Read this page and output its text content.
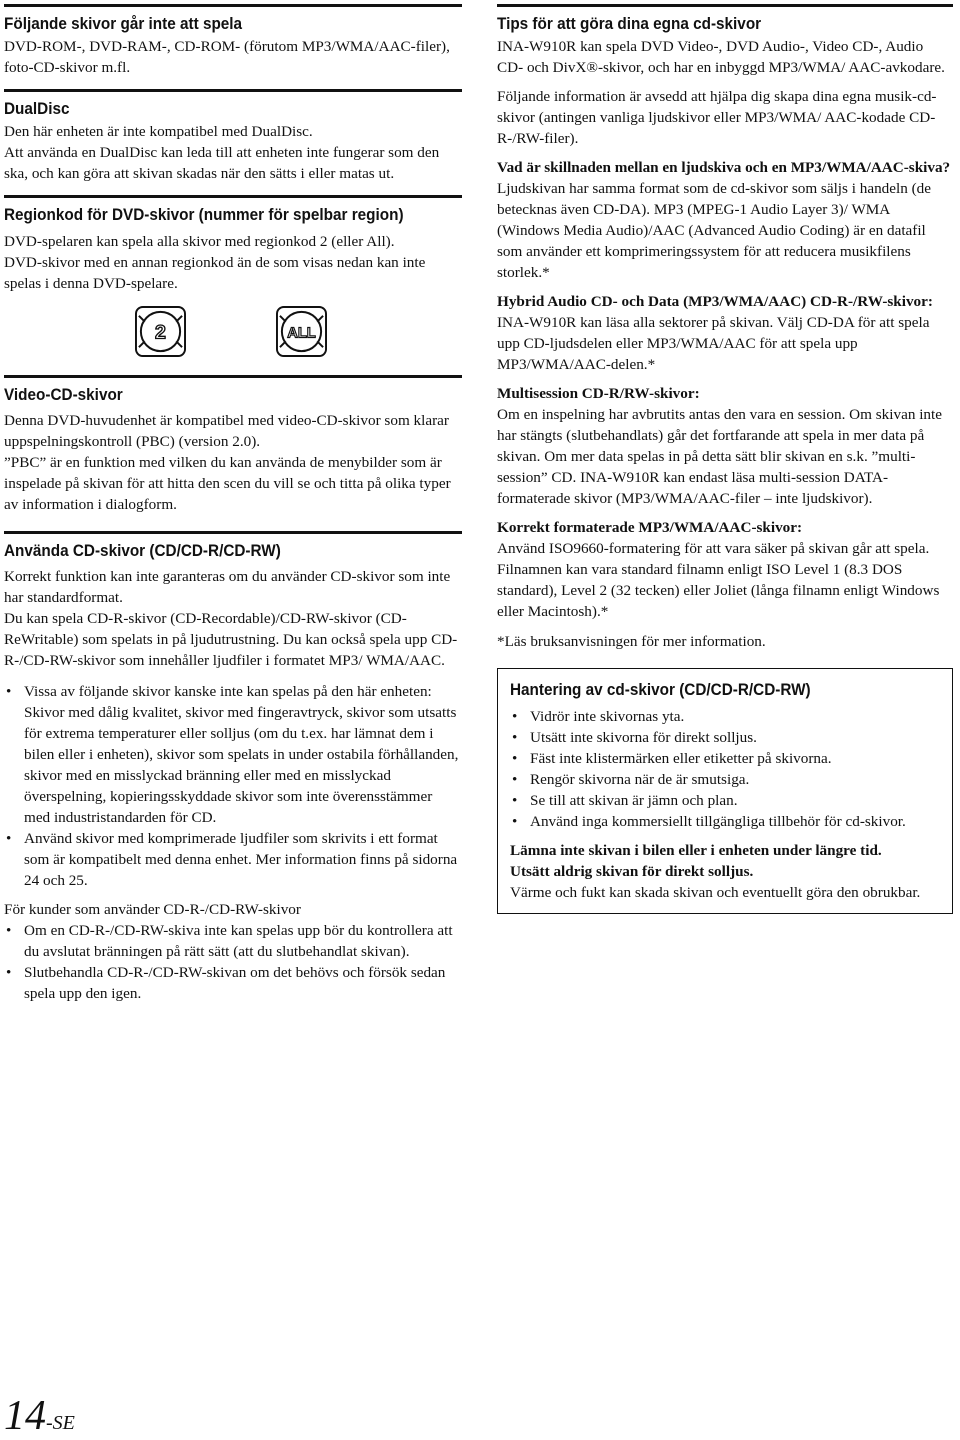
Följande skivor går inte att spela

DVD-ROM-, DVD-RAM-, CD-ROM- (förutom MP3/WMA/AAC-filer), foto-CD-skivor m.fl.

DualDisc

Den här enheten är inte kompatibel med DualDisc.

Att använda en DualDisc kan leda till att enheten inte fungerar som den ska, och kan göra att skivan skadas när den sätts i eller matas ut.

Regionkod för DVD-skivor (nummer för spelbar region)

DVD-spelaren kan spela alla skivor med regionkod 2 (eller All).

DVD-skivor med en annan regionkod än de som visas nedan kan inte spelas i denna DVD-spelare.

2	ALL
Video-CD-skivor

Denna DVD-huvudenhet är kompatibel med video-CD-skivor som klarar uppspelningskontroll (PBC) (version 2.0).

”PBC” är en funktion med vilken du kan använda de menybilder som är inspelade på skivan för att hitta den scen du vill se och titta på olika typer av information i dialogform.

Använda CD-skivor (CD/CD-R/CD-RW)

Korrekt funktion kan inte garanteras om du använder CD-skivor som inte har standardformat.

Du kan spela CD-R-skivor (CD-Recordable)/CD-RW-skivor (CD-ReWritable) som spelats in på ljudutrustning. Du kan också spela upp CD-R-/CD-RW-skivor som innehåller ljudfiler i formatet MP3/ WMA/AAC.

• Vissa av följande skivor kanske inte kan spelas på den här enheten:
Skivor med dålig kvalitet, skivor med fingeravtryck, skivor som utsatts för extrema temperaturer eller solljus (om du t.ex. har lämnat dem i bilen eller i enheten), skivor som spelats in under ostabila förhållanden, skivor med en misslyckad bränning eller med en misslyckad överspelning, kopieringsskyddade skivor som inte överensstämmer med industristandarden för CD.
• Använd skivor med komprimerade ljudfiler som skrivits i ett format som är kompatibelt med denna enhet. Mer information finns på sidorna 24 och 25.

För kunder som använder CD-R-/CD-RW-skivor

• Om en CD-R-/CD-RW-skiva inte kan spelas upp bör du kontrollera att du avslutat bränningen på rätt sätt (att du slutbehandlat skivan).
• Slutbehandla CD-R-/CD-RW-skivan om det behövs och försök sedan spela upp den igen.
Tips för att göra dina egna cd-skivor

INA-W910R kan spela DVD Video-, DVD Audio-, Video CD-, Audio CD- och DivX®-skivor, och har en inbyggd MP3/WMA/ AAC-avkodare.

Följande information är avsedd att hjälpa dig skapa dina egna musik-cd-skivor (antingen vanliga ljudskivor eller MP3/WMA/ AAC-kodade CD-R-/RW-filer).

Vad är skillnaden mellan en ljudskiva och en MP3/WMA/AAC-skiva?

Ljudskivan har samma format som de cd-skivor som säljs i handeln (de betecknas även CD-DA). MP3 (MPEG-1 Audio Layer 3)/ WMA (Windows Media Audio)/AAC (Advanced Audio Coding) är en datafil som använder ett komprimeringssystem för att reducera musikfilens storlek.*

Hybrid Audio CD- och Data (MP3/WMA/AAC) CD-R-/RW-skivor:

INA-W910R kan läsa alla sektorer på skivan. Välj CD-DA för att spela upp CD-ljudsdelen eller MP3/WMA/AAC för att spela upp MP3/WMA/AAC-delen.*

Multisession CD-R/RW-skivor:

Om en inspelning har avbrutits antas den vara en session. Om skivan inte har stängts (slutbehandlats) går det fortfarande att spela in mer data på skivan. Om mer data spelas in på detta sätt blir skivan en s.k. ”multi-session” CD. INA-W910R kan endast läsa multi-session DATA-formaterade skivor (MP3/WMA/AAC-filer – inte ljudskivor).

Korrekt formaterade MP3/WMA/AAC-skivor:

Använd ISO9660-formatering för att vara säker på skivan går att spela. Filnamnen kan vara standard filnamn enligt ISO Level 1 (8.3 DOS standard), Level 2 (32 tecken) eller Joliet (långa filnamn enligt Windows eller Macintosh).*

*Läs bruksanvisningen för mer information.

Hantering av cd-skivor (CD/CD-R/CD-RW)
• Vidrör inte skivornas yta.
• Utsätt inte skivorna för direkt solljus.
• Fäst inte klistermärken eller etiketter på skivorna.
• Rengör skivorna när de är smutsiga.
• Se till att skivan är jämn och plan.
• Använd inga kommersiellt tillgängliga tillbehör för cd-skivor.

Lämna inte skivan i bilen eller i enheten under längre tid.

Utsätt aldrig skivan för direkt solljus.

Värme och fukt kan skada skivan och eventuellt göra den obrukbar.

14-SE
